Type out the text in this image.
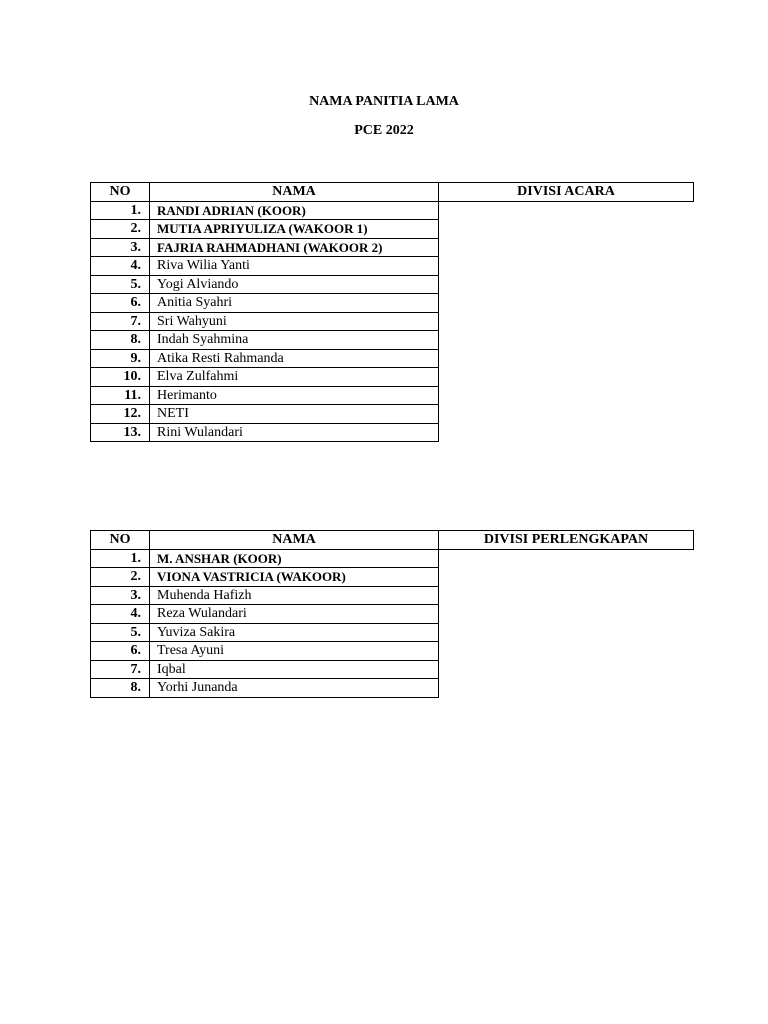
NAMA PANITIA LAMA
PCE 2022
NO	NAMA	DIVISI ACARA
1.	RANDI ADRIAN (KOOR)	
2.	MUTIA APRIYULIZA (WAKOOR 1)	
3.	FAJRIA RAHMADHANI (WAKOOR 2)	
4.	Riva Wilia Yanti	
5.	Yogi Alviando	
6.	Anitia Syahri	
7.	Sri Wahyuni	
8.	Indah Syahmina	
9.	Atika Resti Rahmanda	
10.	Elva Zulfahmi	
11.	Herimanto	
12.	NETI	
13.	Rini Wulandari	
NO	NAMA	DIVISI PERLENGKAPAN
1.	M. ANSHAR (KOOR)	
2.	VIONA VASTRICIA (WAKOOR)	
3.	Muhenda Hafizh	
4.	Reza Wulandari	
5.	Yuviza Sakira	
6.	Tresa Ayuni	
7.	Iqbal	
8.	Yorhi Junanda	
